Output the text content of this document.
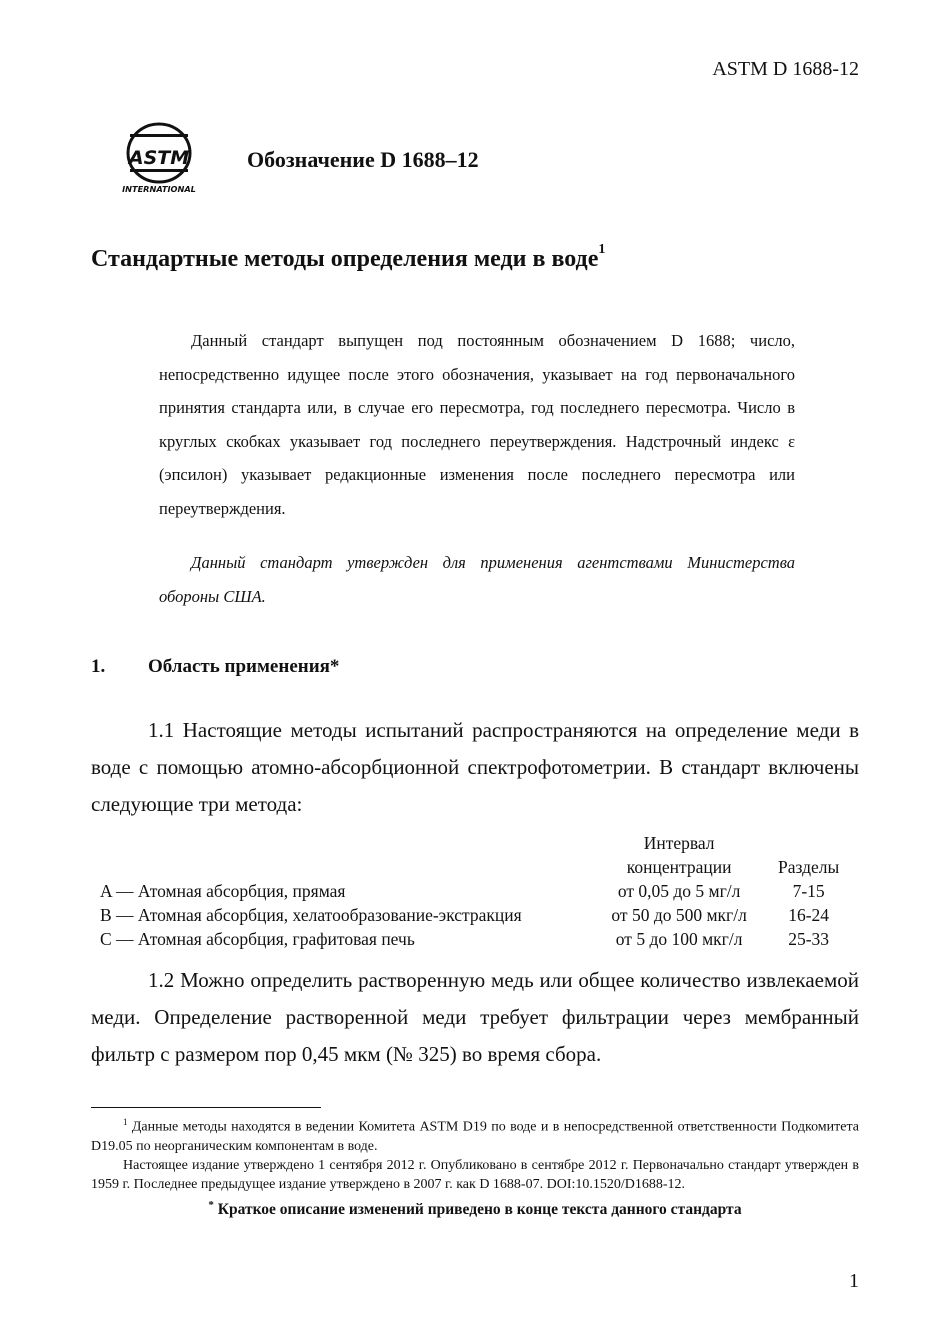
ASTM D 1688-12
ASTM
INTERNATIONAL
Обозначение D 1688–12
Стандартные методы определения меди в воде$^1$

Данный стандарт выпущен под постоянным обозначением D 1688; число, непосредственно идущее после этого обозначения, указывает на год первоначального принятия стандарта или, в случае его пересмотра, год последнего пересмотра. Число в круглых скобках указывает год последнего переутверждения. Надстрочный индекс ε (эпсилон) указывает редакционные изменения после последнего пересмотра или переутверждения.

Данный стандарт утвержден для применения агентствами Министерства обороны США.

1. Область применения*

1.1 Настоящие методы испытаний распространяются на определение меди в воде с помощью атомно-абсорбционной спектрофотометрии. В стандарт включены следующие три метода:

	Интервал	
	концентрации	Разделы
A — Атомная абсорбция, прямая	от 0,05 до 5 мг/л	7-15
B — Атомная абсорбция, хелатообразование-экстракция	от 50 до 500 мкг/л	16-24
C — Атомная абсорбция, графитовая печь	от 5 до 100 мкг/л	25-33

1.2 Можно определить растворенную медь или общее количество извлекаемой меди. Определение растворенной меди требует фильтрации через мембранный фильтр с размером пор 0,45 мкм (№ 325) во время сбора.

$^1$ Данные методы находятся в ведении Комитета ASTM D19 по воде и в непосредственной ответственности Подкомитета D19.05 по неорганическим компонентам в воде.

Настоящее издание утверждено 1 сентября 2012 г. Опубликовано в сентябре 2012 г. Первоначально стандарт утвержден в 1959 г. Последнее предыдущее издание утверждено в 2007 г. как D 1688-07. DOI:10.1520/D1688-12.

* Краткое описание изменений приведено в конце текста данного стандарта

1
